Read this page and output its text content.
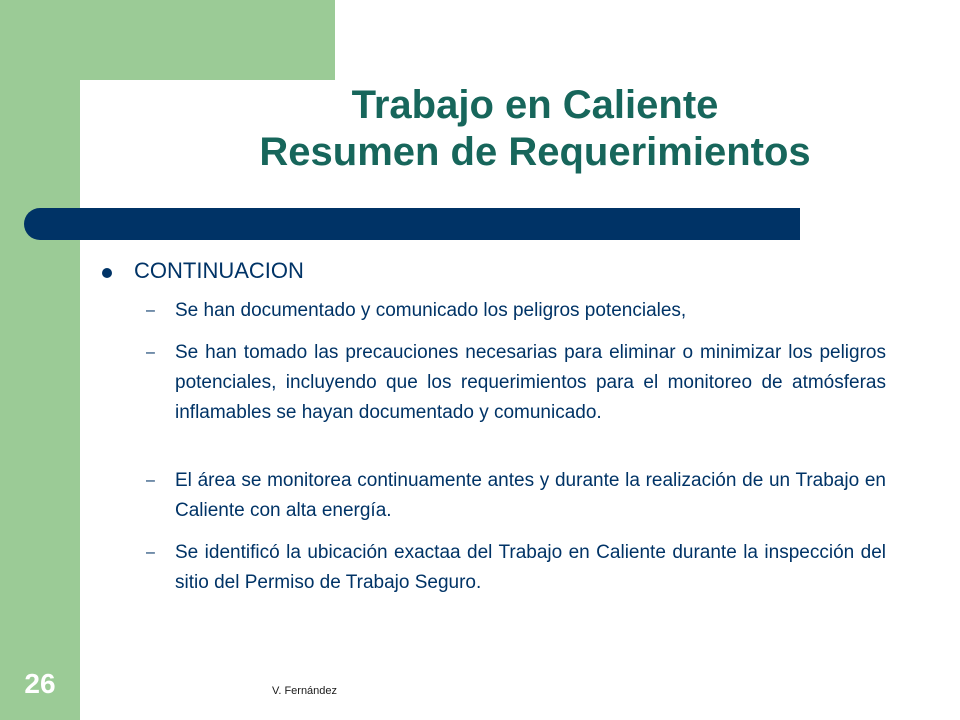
Trabajo en Caliente
Resumen de Requerimientos
CONTINUACION
– Se han documentado y comunicado los peligros potenciales,
– Se han tomado las precauciones necesarias para eliminar o minimizar los peligros potenciales, incluyendo que los requerimientos para el monitoreo de atmósferas inflamables se hayan documentado y comunicado.
– El área se monitorea continuamente antes y durante la realización de un Trabajo en Caliente con alta energía.
– Se identificó la ubicación exactaa del Trabajo en Caliente durante la inspección del sitio del Permiso de Trabajo Seguro.
26	V. Fernández
